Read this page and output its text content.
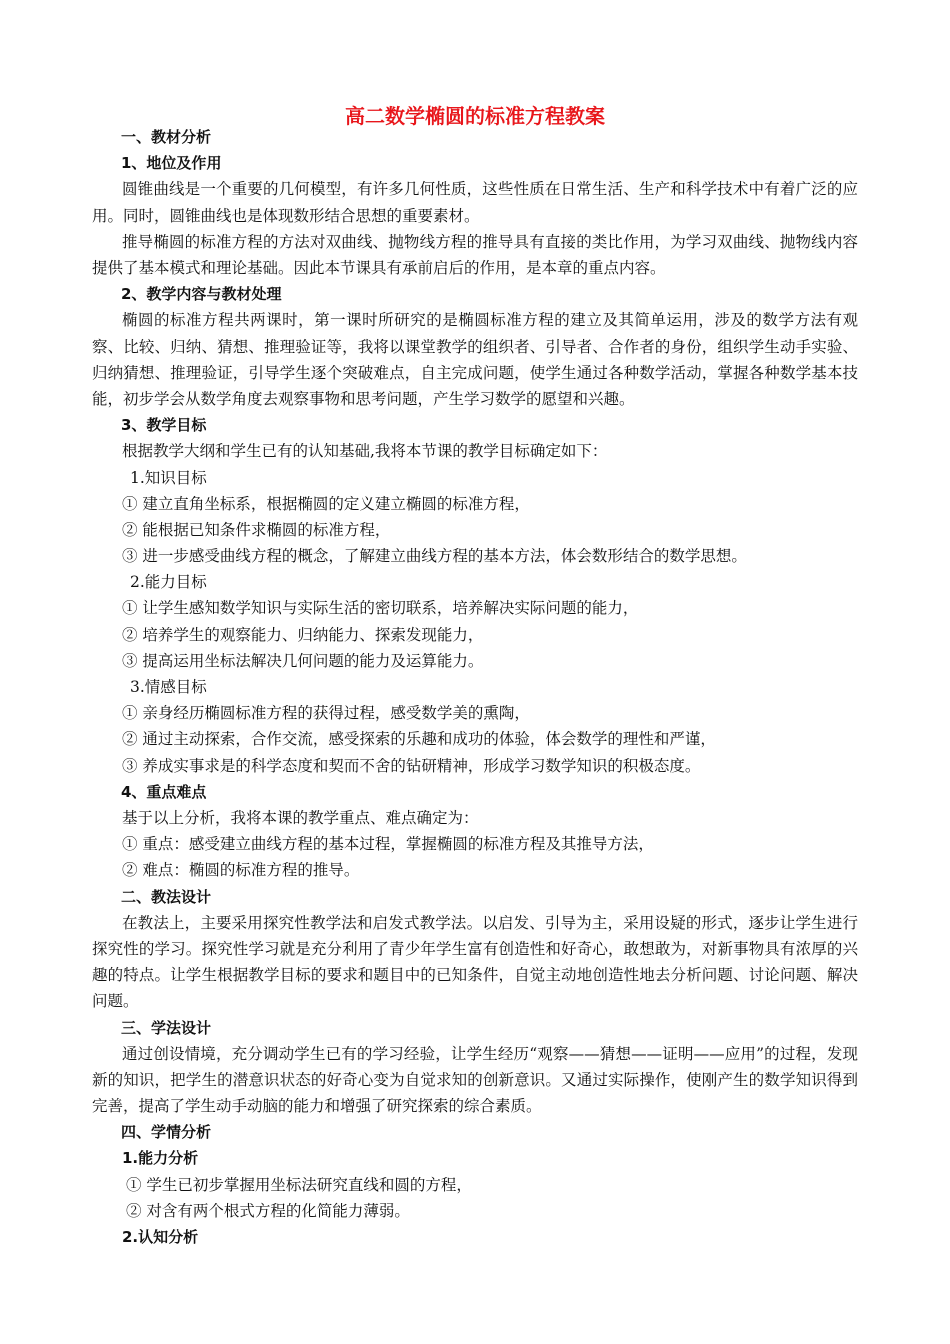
高二数学椭圆的标准方程教案
一、教材分析
1、地位及作用
圆锥曲线是一个重要的几何模型，有许多几何性质，这些性质在日常生活、生产和科学技术中有着广泛的应用。同时，圆锥曲线也是体现数形结合思想的重要素材。
推导椭圆的标准方程的方法对双曲线、抛物线方程的推导具有直接的类比作用，为学习双曲线、抛物线内容提供了基本模式和理论基础。因此本节课具有承前启后的作用，是本章的重点内容。
2、教学内容与教材处理
椭圆的标准方程共两课时，第一课时所研究的是椭圆标准方程的建立及其简单运用，涉及的数学方法有观察、比较、归纳、猜想、推理验证等，我将以课堂教学的组织者、引导者、合作者的身份，组织学生动手实验、归纳猜想、推理验证，引导学生逐个突破难点，自主完成问题，使学生通过各种数学活动，掌握各种数学基本技能，初步学会从数学角度去观察事物和思考问题，产生学习数学的愿望和兴趣。
3、教学目标
根据教学大纲和学生已有的认知基础,我将本节课的教学目标确定如下：
1.知识目标
① 建立直角坐标系，根据椭圆的定义建立椭圆的标准方程，
② 能根据已知条件求椭圆的标准方程，
③ 进一步感受曲线方程的概念，了解建立曲线方程的基本方法，体会数形结合的数学思想。
2.能力目标
① 让学生感知数学知识与实际生活的密切联系，培养解决实际问题的能力，
② 培养学生的观察能力、归纳能力、探索发现能力，
③ 提高运用坐标法解决几何问题的能力及运算能力。
3.情感目标
① 亲身经历椭圆标准方程的获得过程，感受数学美的熏陶，
② 通过主动探索，合作交流，感受探索的乐趣和成功的体验，体会数学的理性和严谨，
③ 养成实事求是的科学态度和契而不舍的钻研精神，形成学习数学知识的积极态度。
4、重点难点
基于以上分析，我将本课的教学重点、难点确定为：
① 重点：感受建立曲线方程的基本过程，掌握椭圆的标准方程及其推导方法，
② 难点：椭圆的标准方程的推导。
二、教法设计
在教法上，主要采用探究性教学法和启发式教学法。以启发、引导为主，采用设疑的形式，逐步让学生进行探究性的学习。探究性学习就是充分利用了青少年学生富有创造性和好奇心，敢想敢为，对新事物具有浓厚的兴趣的特点。让学生根据教学目标的要求和题目中的已知条件，自觉主动地创造性地去分析问题、讨论问题、解决问题。
三、学法设计
通过创设情境，充分调动学生已有的学习经验，让学生经历“观察——猜想——证明——应用”的过程，发现新的知识，把学生的潜意识状态的好奇心变为自觉求知的创新意识。又通过实际操作，使刚产生的数学知识得到完善，提高了学生动手动脑的能力和增强了研究探索的综合素质。
四、学情分析
1.能力分析
① 学生已初步掌握用坐标法研究直线和圆的方程，
② 对含有两个根式方程的化简能力薄弱。
2.认知分析
